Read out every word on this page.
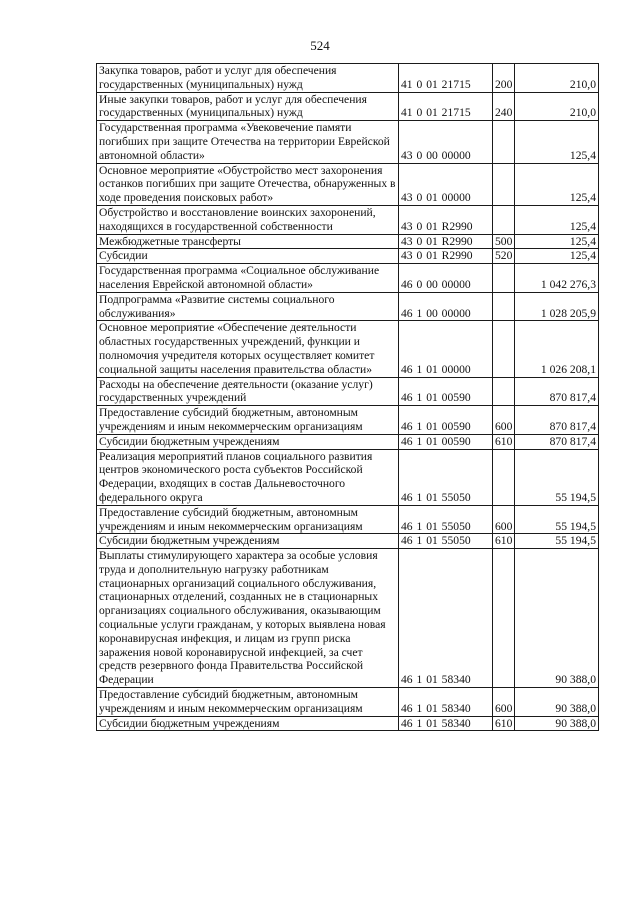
524
Закупка товаров, работ и услуг для обеспечения государственных (муниципальных) нужд	41 0 01 21715	200	210,0
Иные закупки товаров, работ и услуг для обеспечения государственных (муниципальных) нужд	41 0 01 21715	240	210,0
Государственная программа «Увековечение памяти погибших при защите Отечества на территории Еврейской автономной области»	43 0 00 00000		125,4
Основное мероприятие «Обустройство мест захоронения останков погибших при защите Отечества, обнаруженных в ходе проведения поисковых работ»	43 0 01 00000		125,4
Обустройство и восстановление воинских захоронений, находящихся в государственной собственности	43 0 01 R2990		125,4
Межбюджетные трансферты	43 0 01 R2990	500	125,4
Субсидии	43 0 01 R2990	520	125,4
Государственная программа «Социальное обслуживание населения Еврейской автономной области»	46 0 00 00000		1 042 276,3
Подпрограмма «Развитие системы социального обслуживания»	46 1 00 00000		1 028 205,9
Основное мероприятие «Обеспечение деятельности областных государственных учреждений, функции и полномочия учредителя которых осуществляет комитет социальной защиты населения правительства области»	46 1 01 00000		1 026 208,1
Расходы на обеспечение деятельности (оказание услуг) государственных учреждений	46 1 01 00590		870 817,4
Предоставление субсидий бюджетным, автономным учреждениям и иным некоммерческим организациям	46 1 01 00590	600	870 817,4
Субсидии бюджетным учреждениям	46 1 01 00590	610	870 817,4
Реализация мероприятий планов социального развития центров экономического роста субъектов Российской Федерации, входящих в состав Дальневосточного федерального округа	46 1 01 55050		55 194,5
Предоставление субсидий бюджетным, автономным учреждениям и иным некоммерческим организациям	46 1 01 55050	600	55 194,5
Субсидии бюджетным учреждениям	46 1 01 55050	610	55 194,5
Выплаты стимулирующего характера за особые условия труда и дополнительную нагрузку работникам стационарных организаций социального обслуживания, стационарных отделений, созданных не в стационарных организациях социального обслуживания, оказывающим социальные услуги гражданам, у которых выявлена новая коронавирусная инфекция, и лицам из групп риска заражения новой коронавирусной инфекцией, за счет средств резервного фонда Правительства Российской Федерации	46 1 01 58340		90 388,0
Предоставление субсидий бюджетным, автономным учреждениям и иным некоммерческим организациям	46 1 01 58340	600	90 388,0
Субсидии бюджетным учреждениям	46 1 01 58340	610	90 388,0
